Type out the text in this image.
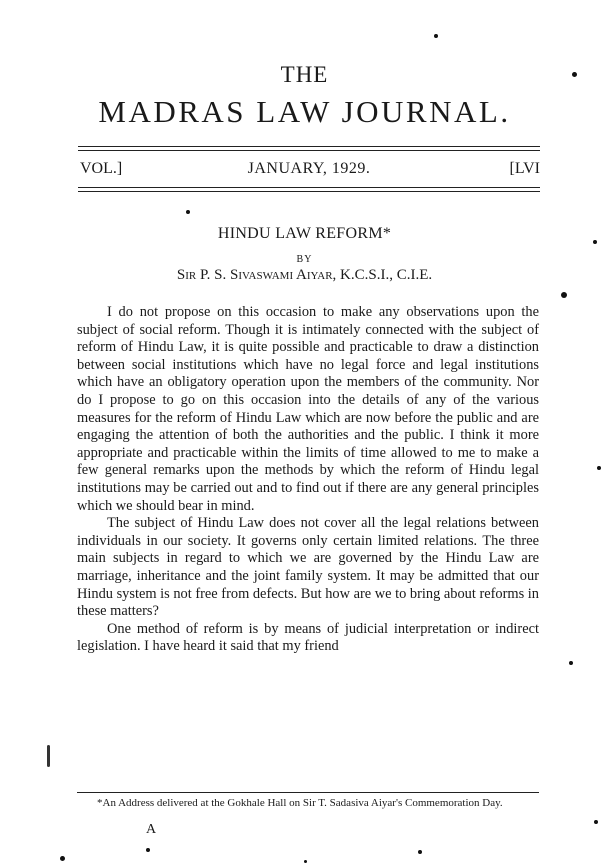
THE
MADRAS LAW JOURNAL.
JANUARY, 1929.
VOL.]	[LVI
HINDU LAW REFORM*
BY
Sir P. S. Sivaswami Aiyar, K.C.S.I., C.I.E.

I do not propose on this occasion to make any observations upon the subject of social reform. Though it is intimately connected with the subject of reform of Hindu Law, it is quite possible and practicable to draw a distinction between social institutions which have no legal force and legal institutions which have an obligatory operation upon the members of the community. Nor do I propose to go on this occasion into the details of any of the various measures for the reform of Hindu Law which are now before the public and are engaging the attention of both the authorities and the public. I think it more appropriate and practicable within the limits of time allowed to me to make a few general remarks upon the methods by which the reform of Hindu legal institutions may be carried out and to find out if there are any general principles which we should bear in mind.

The subject of Hindu Law does not cover all the legal relations between individuals in our society. It governs only certain limited relations. The three main subjects in regard to which we are governed by the Hindu Law are marriage, inheritance and the joint family system. It may be admitted that our Hindu system is not free from defects. But how are we to bring about reforms in these matters?

One method of reform is by means of judicial interpretation or indirect legislation. I have heard it said that my friend

*An Address delivered at the Gokhale Hall on Sir T. Sadasiva Aiyar's Commemoration Day.
A
